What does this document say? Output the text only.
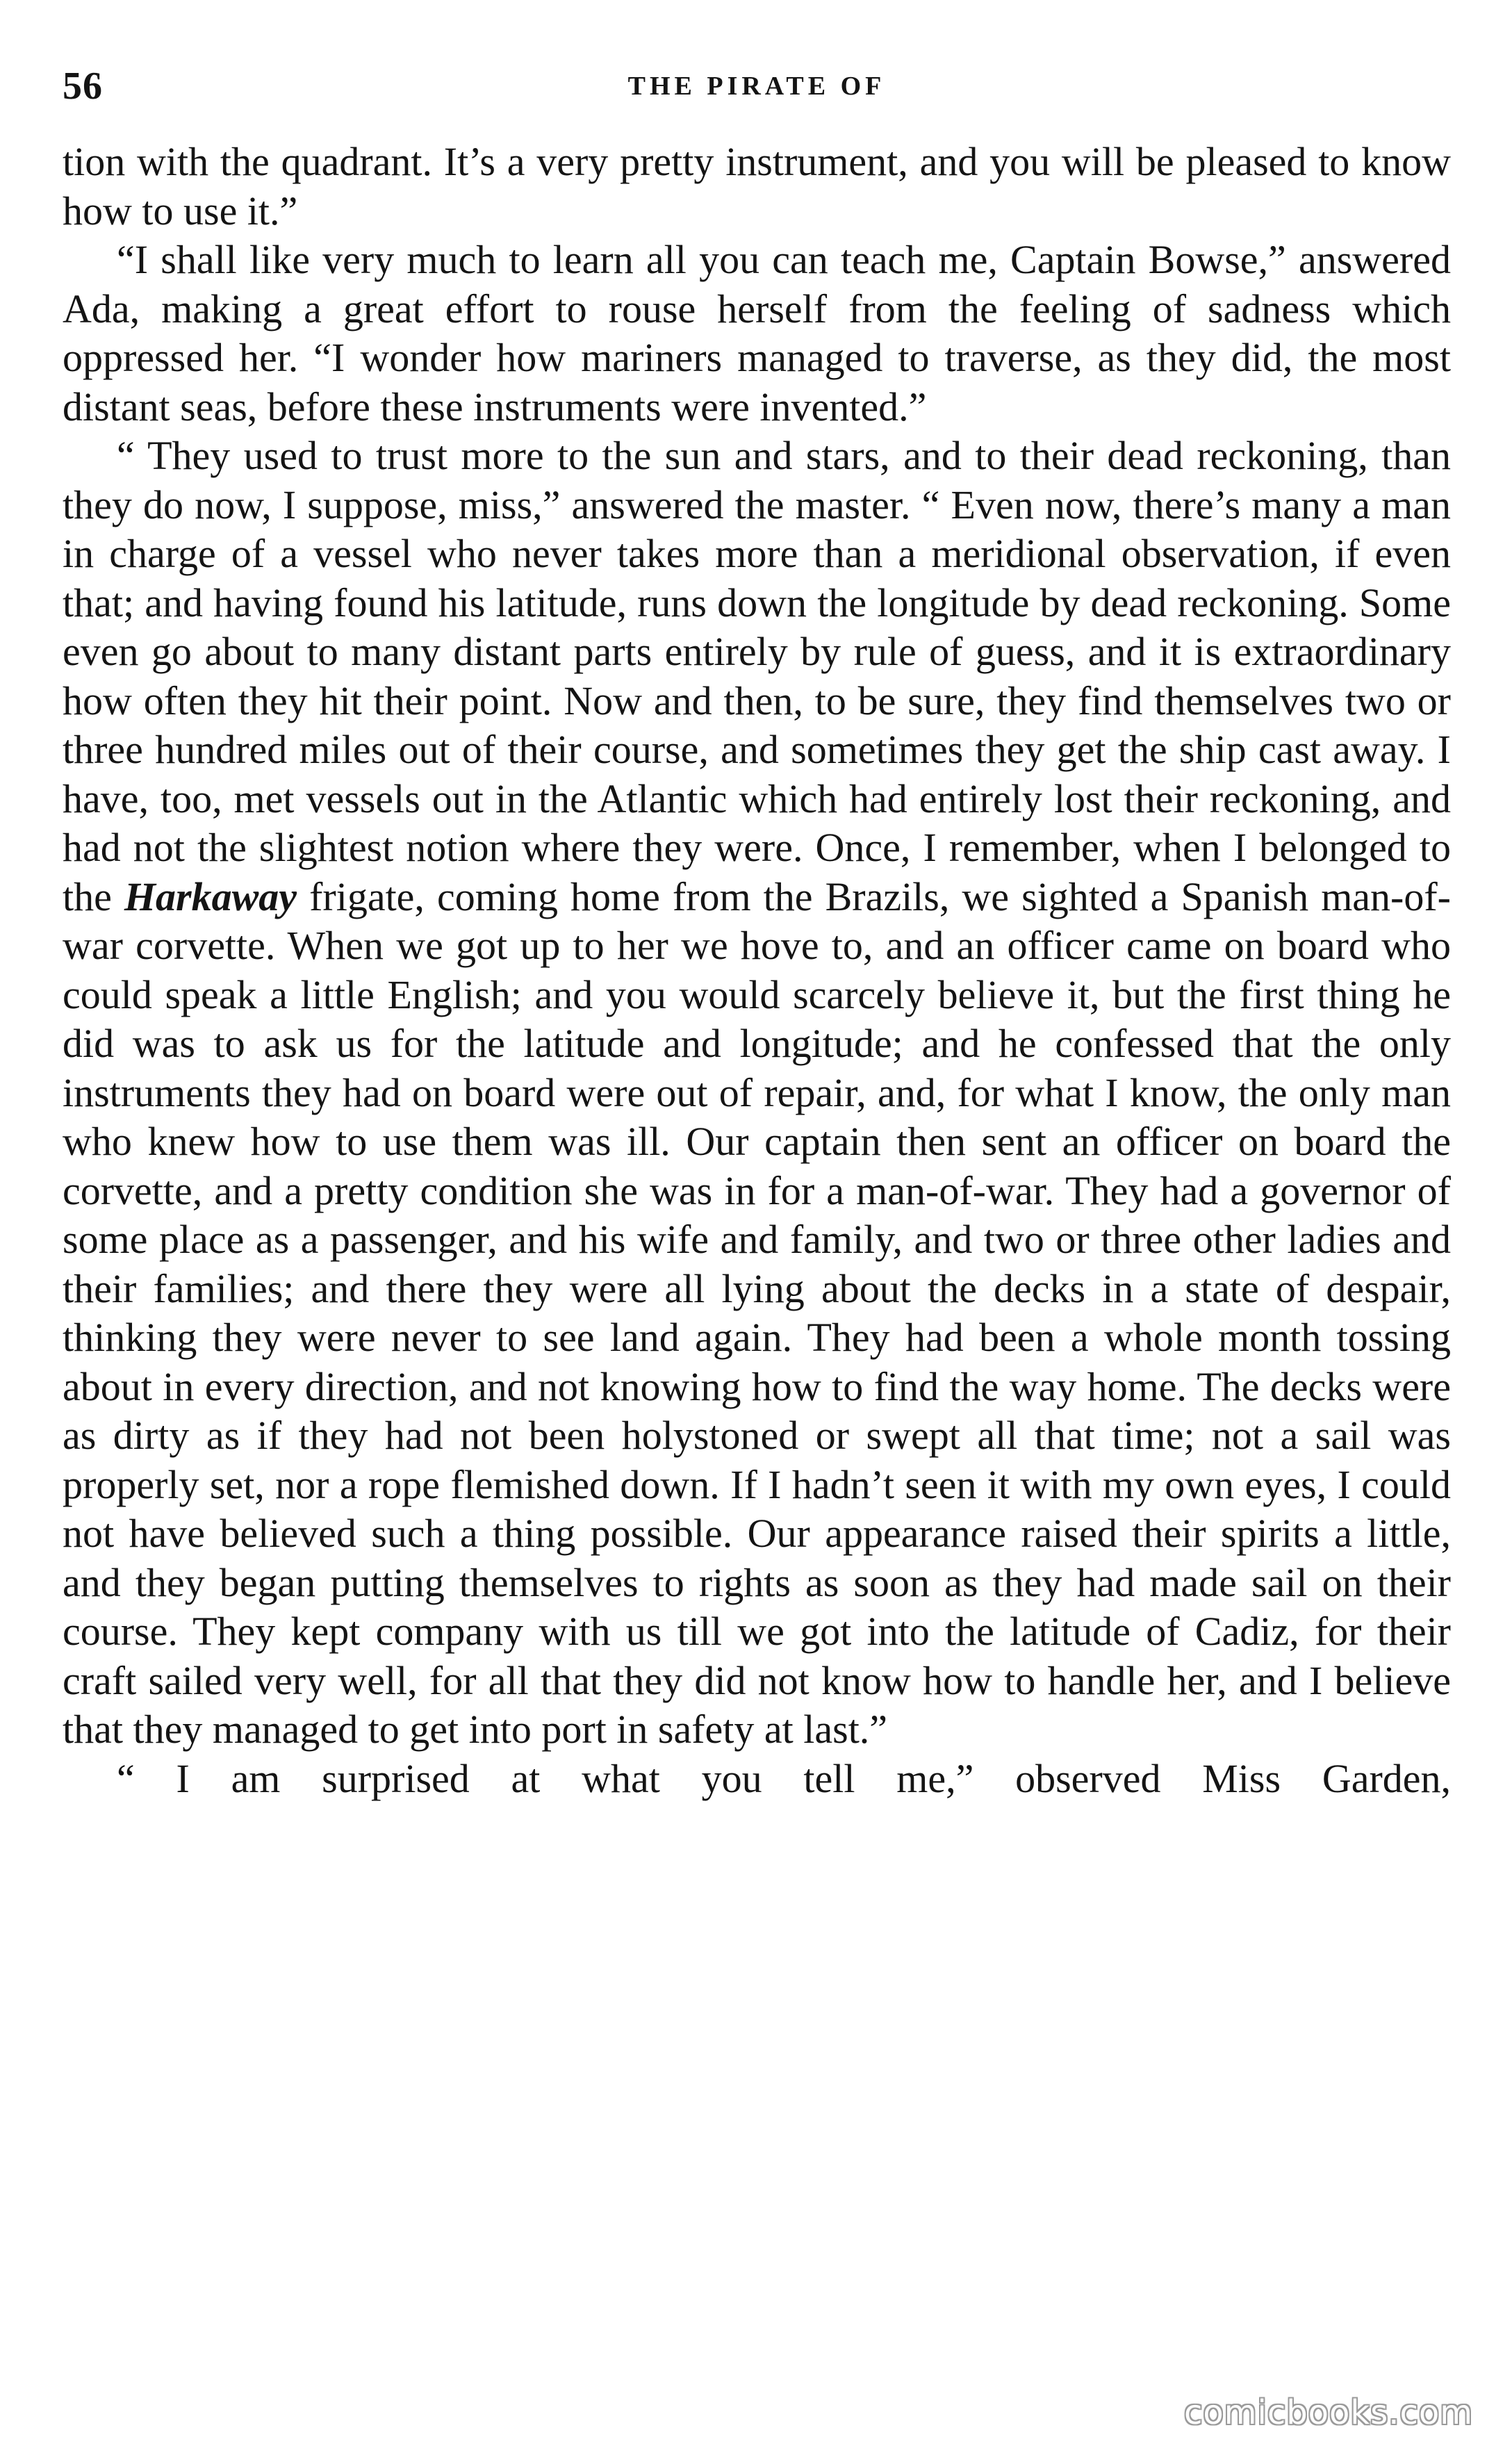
56	THE PIRATE OF

tion with the quadrant. It’s a very pretty instrument, and you will be pleased to know how to use it.”

“I shall like very much to learn all you can teach me, Captain Bowse,” answered Ada, making a great effort to rouse herself from the feeling of sadness which oppressed her. “I wonder how mariners managed to traverse, as they did, the most distant seas, before these instruments were invented.”

“ They used to trust more to the sun and stars, and to their dead reckoning, than they do now, I suppose, miss,” answered the master. “ Even now, there’s many a man in charge of a vessel who never takes more than a meridional observation, if even that; and having found his latitude, runs down the longitude by dead reckoning. Some even go about to many distant parts entirely by rule of guess, and it is extraordinary how often they hit their point. Now and then, to be sure, they find themselves two or three hundred miles out of their course, and sometimes they get the ship cast away. I have, too, met vessels out in the Atlantic which had entirely lost their reckoning, and had not the slightest notion where they were. Once, I remember, when I belonged to the Harkaway frigate, coming home from the Brazils, we sighted a Spanish man-of-war corvette. When we got up to her we hove to, and an officer came on board who could speak a little English; and you would scarcely believe it, but the first thing he did was to ask us for the latitude and longitude; and he confessed that the only instruments they had on board were out of repair, and, for what I know, the only man who knew how to use them was ill. Our captain then sent an officer on board the corvette, and a pretty condition she was in for a man-of-war. They had a governor of some place as a passenger, and his wife and family, and two or three other ladies and their families; and there they were all lying about the decks in a state of despair, thinking they were never to see land again. They had been a whole month tossing about in every direction, and not knowing how to find the way home. The decks were as dirty as if they had not been holystoned or swept all that time; not a sail was properly set, nor a rope flemished down. If I hadn’t seen it with my own eyes, I could not have believed such a thing possible. Our appearance raised their spirits a little, and they began putting themselves to rights as soon as they had made sail on their course. They kept company with us till we got into the latitude of Cadiz, for their craft sailed very well, for all that they did not know how to handle her, and I believe that they managed to get into port in safety at last.”

“ I am surprised at what you tell me,” observed Miss Garden,

comicbooks.com
